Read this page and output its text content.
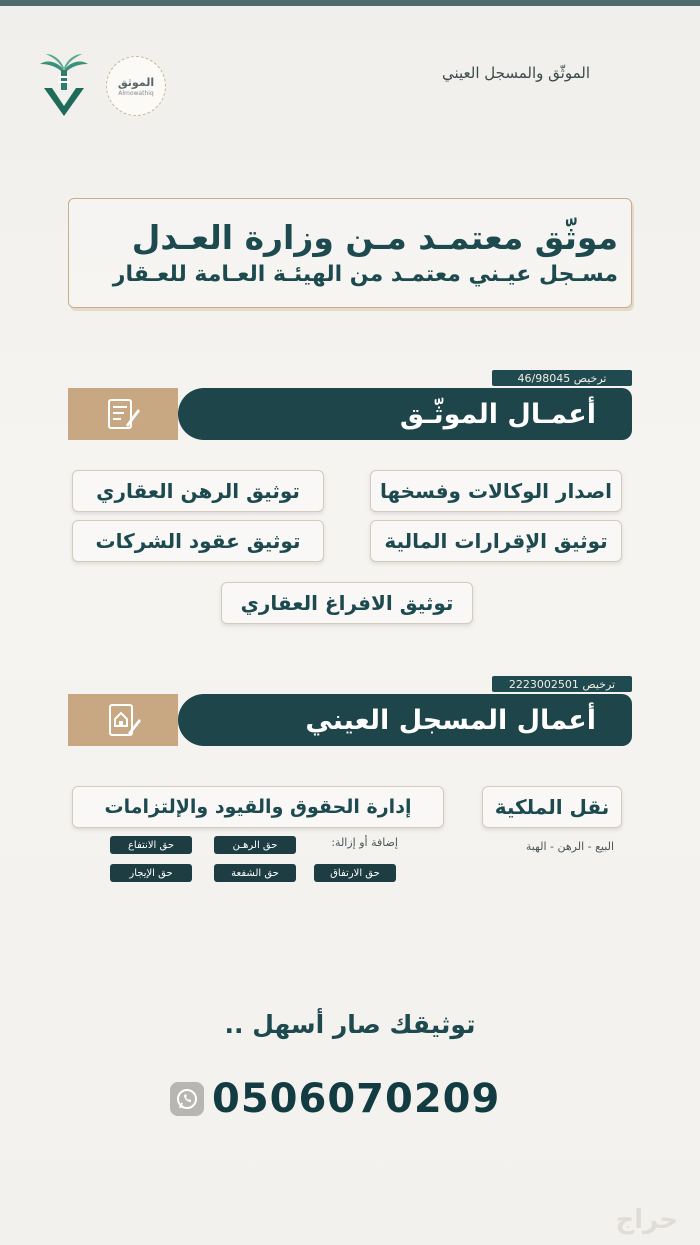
الموثّق والمسجل العيني
الموثق
Almowathiq
موثّق معتمـد مـن وزارة العـدل
مسـجل عيـني معتمـد من الهيئـة العـامة للعـقار
ترخيص 46/98045
أعمـال الموثّـق
اصدار الوكالات وفسخها
توثيق الرهن العقاري
توثيق الإقرارات المالية
توثيق عقود الشركات
توثيق الافراغ العقاري
ترخيص 2223002501
أعمال المسجل العيني
نقل الملكية
إدارة الحقوق والقيود والإلتزامات
البيع - الرهن - الهبة
إضافة أو إزالة:
حق الرهـن
حق الانتفاع
حق الارتفاق
حق الشفعة
حق الإيجار
توثيقك صار أسهل ..
0506070209
حراج
